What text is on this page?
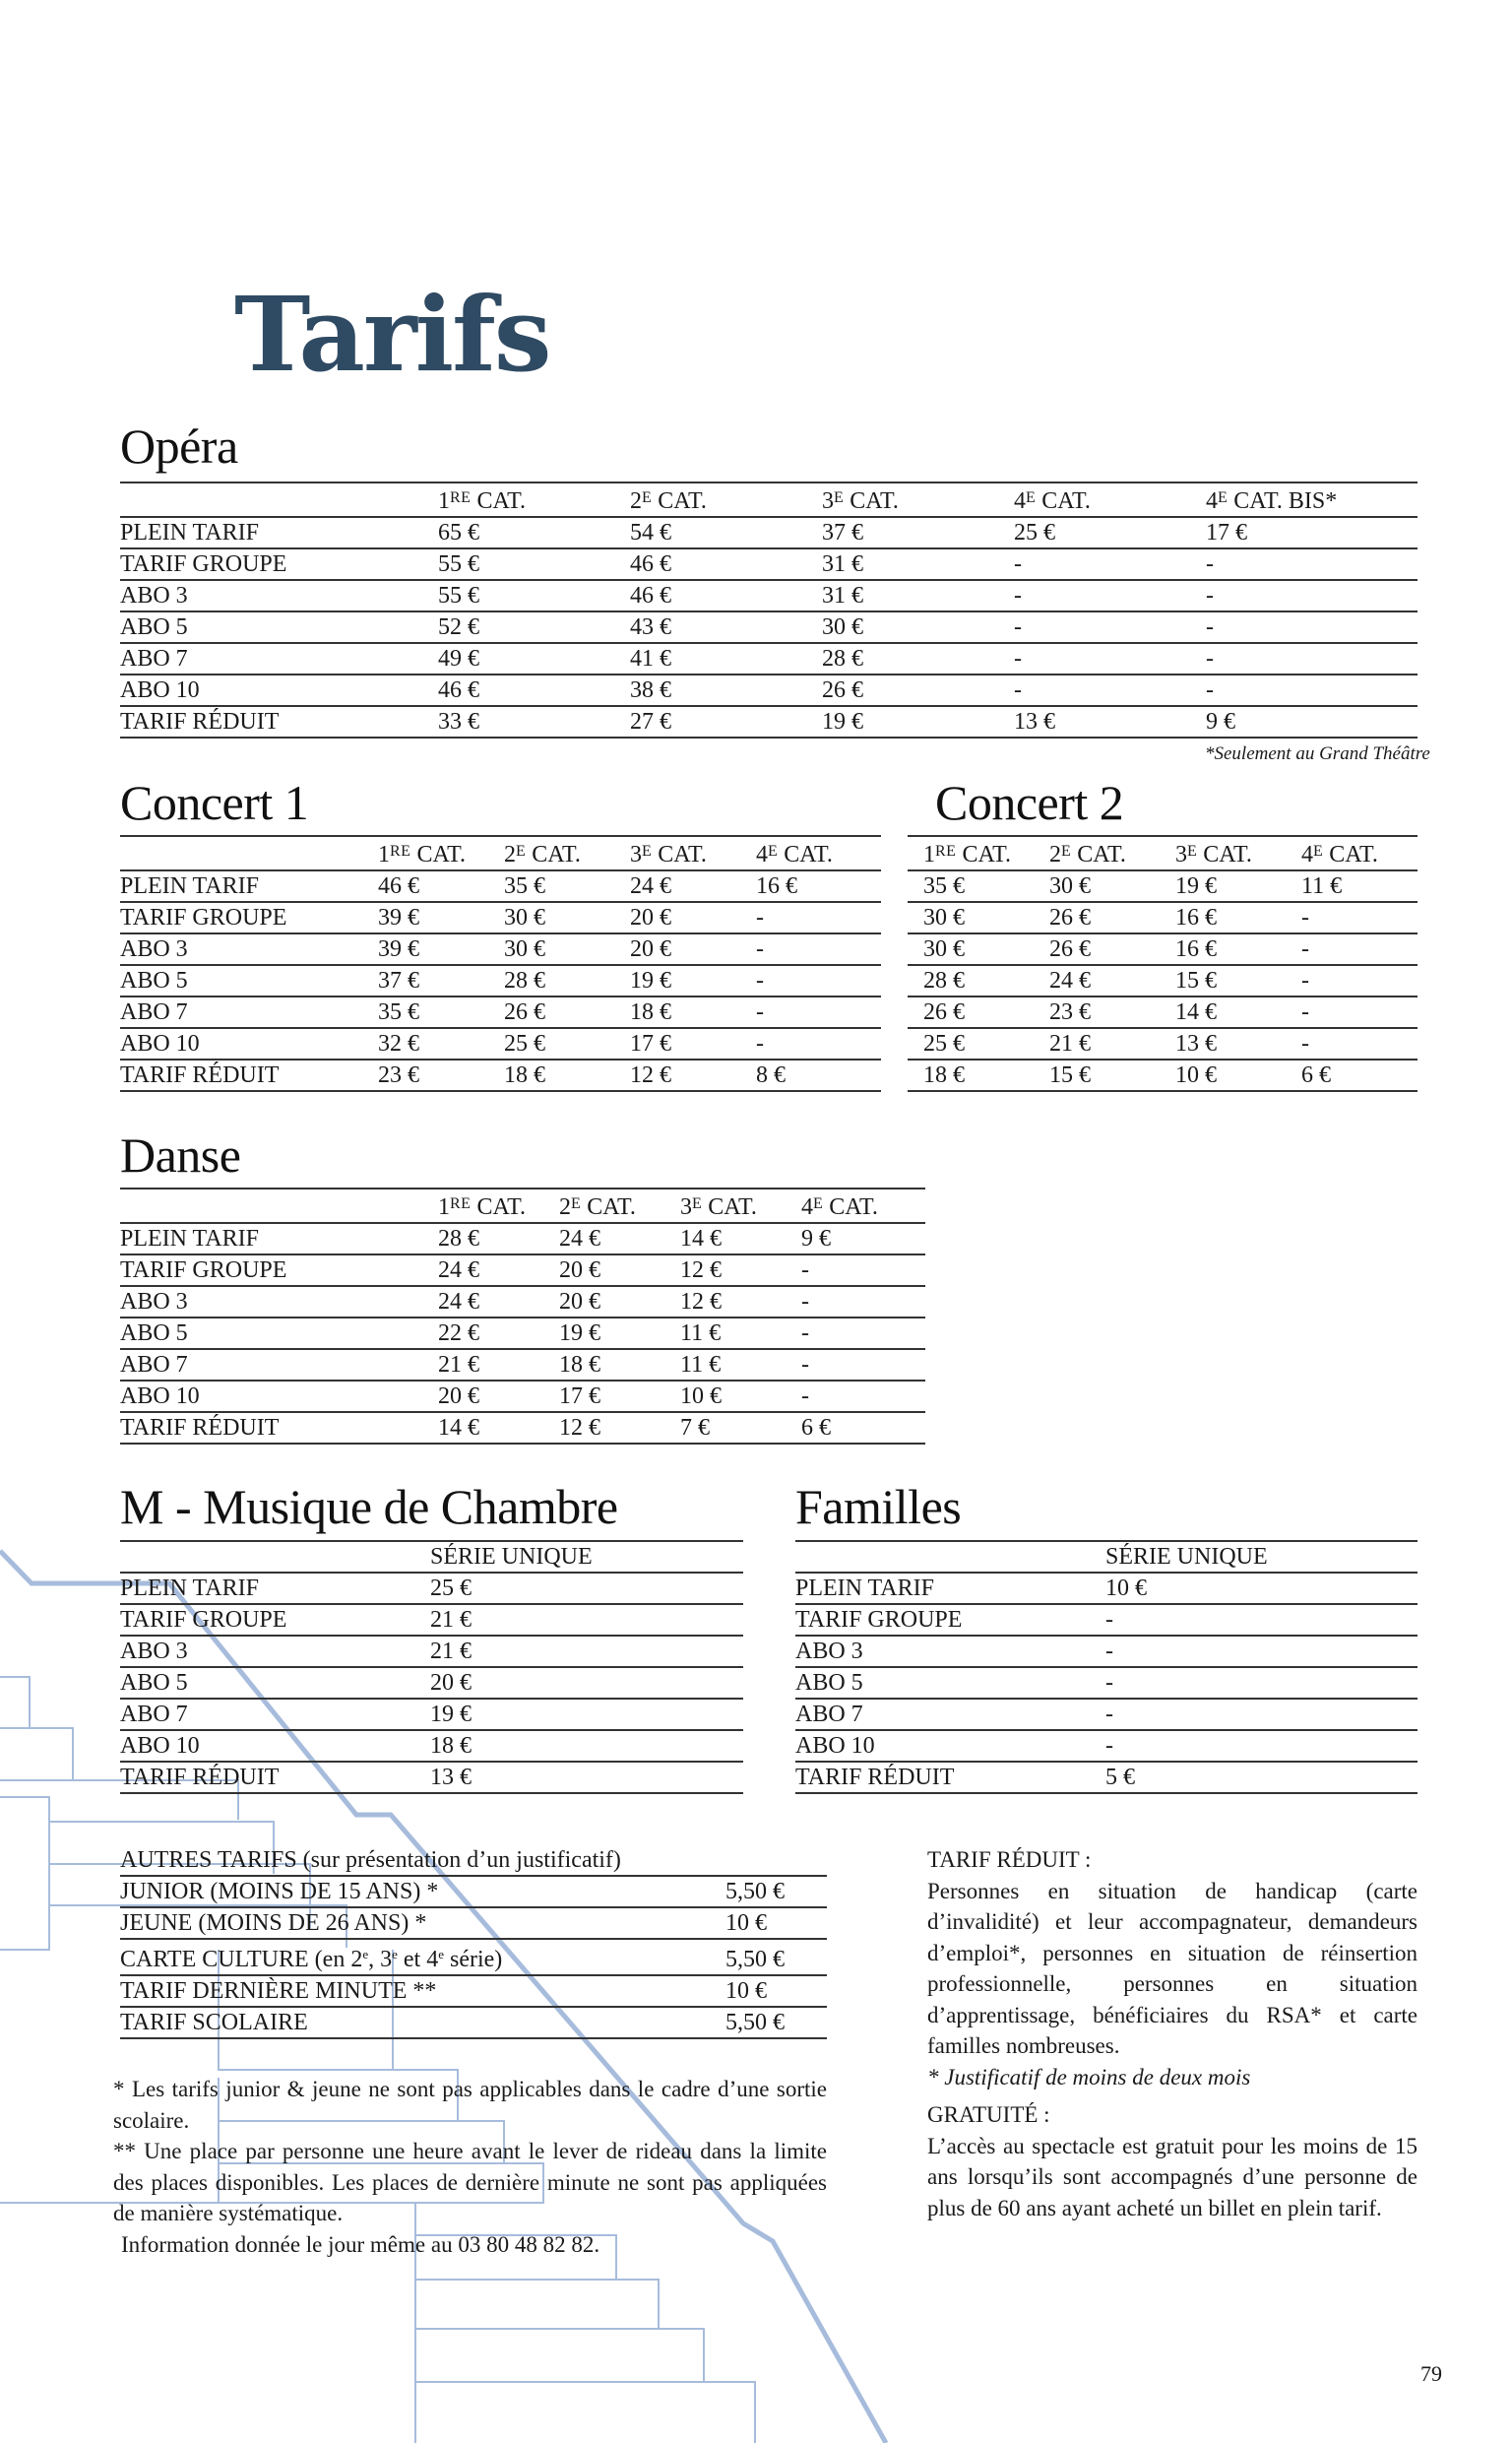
Tarifs
Opéra
	1RE CAT.	$2^E$ CAT.	$3^E$ CAT.	$4^E$ CAT.	$4^E$ CAT. BIS*	
PLEIN TARIF	65 €	54 €	37 €	25 €	17 €	
TARIF GROUPE	55 €	46 €	31 €	-	-	
ABO 3	55 €	46 €	31 €	-	-	
ABO 5	52 €	43 €	30 €	-	-	
ABO 7	49 €	41 €	28 €	-	-	
ABO 10	46 €	38 €	26 €	-	-	
TARIF RÉDUIT	33 €	27 €	19 €	13 €	9 €	
*Seulement au Grand Théâtre
Concert 1
	1RE CAT.	$2^E$ CAT.	$3^E$ CAT.	$4^E$ CAT.
PLEIN TARIF	46 €	35 €	24 €	16 €
TARIF GROUPE	39 €	30 €	20 €	-
ABO 3	39 €	30 €	20 €	-
ABO 5	37 €	28 €	19 €	-
ABO 7	35 €	26 €	18 €	-
ABO 10	32 €	25 €	17 €	-
TARIF RÉDUIT	23 €	18 €	12 €	8 €
Concert 2
	1RE CAT.	$2^E$ CAT.	$3^E$ CAT.	$4^E$ CAT.
	35 €	30 €	19 €	11 €
	30 €	26 €	16 €	-
	30 €	26 €	16 €	-
	28 €	24 €	15 €	-
	26 €	23 €	14 €	-
	25 €	21 €	13 €	-
	18 €	15 €	10 €	6 €
Danse
	1RE CAT.	$2^E$ CAT.	$3^E$ CAT.	$4^E$ CAT.
PLEIN TARIF	28 €	24 €	14 €	9 €
TARIF GROUPE	24 €	20 €	12 €	-
ABO 3	24 €	20 €	12 €	-
ABO 5	22 €	19 €	11 €	-
ABO 7	21 €	18 €	11 €	-
ABO 10	20 €	17 €	10 €	-
TARIF RÉDUIT	14 €	12 €	7 €	6 €
M - Musique de Chambre
	SÉRIE UNIQUE
PLEIN TARIF	25 €
TARIF GROUPE	21 €
ABO 3	21 €
ABO 5	20 €
ABO 7	19 €
ABO 10	18 €
TARIF RÉDUIT	13 €
Familles
	SÉRIE UNIQUE
PLEIN TARIF	10 €
TARIF GROUPE	-
ABO 3	-
ABO 5	-
ABO 7	-
ABO 10	-
TARIF RÉDUIT	5 €
AUTRES TARIFS (sur présentation d’un justificatif)	
JUNIOR (MOINS DE 15 ANS) *	5,50 €
JEUNE (MOINS DE 26 ANS) *	10 €
CARTE CULTURE (en 2e, 3e et 4e série)	5,50 €
TARIF DERNIÈRE MINUTE **	10 €
TARIF SCOLAIRE	5,50 €
* Les tarifs junior & jeune ne sont pas applicables dans le cadre d’une sortie scolaire.
** Une place par personne une heure avant le lever de rideau dans la limite des places disponibles. Les places de dernière minute ne sont pas appliquées de manière systématique.
Information donnée le jour même au 03 80 48 82 82.
TARIF RÉDUIT :
Personnes en situation de handicap (carte d’invalidité) et leur accompagnateur, demandeurs d’emploi*, personnes en situation de réinsertion professionnelle, personnes en situation d’apprentissage, bénéficiaires du RSA* et carte familles nombreuses.
* Justificatif de moins de deux mois
GRATUITÉ :
L’accès au spectacle est gratuit pour les moins de 15 ans lorsqu’ils sont accompagnés d’une personne de plus de 60 ans ayant acheté un billet en plein tarif.
79
